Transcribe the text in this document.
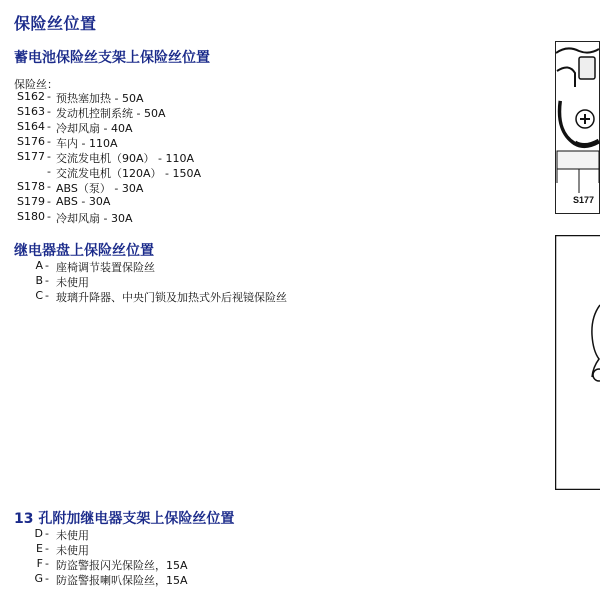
保险丝位置
蓄电池保险丝支架上保险丝位置
保险丝：
S162 - 预热塞加热 - 50A
S163 - 发动机控制系统 - 50A
S164 - 冷却风扇 - 40A
S176 - 车内 - 110A
S177 - 交流发电机（90A） - 110A
- 交流发电机（120A） - 150A
S178 - ABS（泵） - 30A
S179 - ABS - 30A
S180 - 冷却风扇 - 30A
继电器盘上保险丝位置
A - 座椅调节装置保险丝
B - 未使用
C - 玻璃升降器、中央门锁及加热式外后视镜保险丝
13 孔附加继电器支架上保险丝位置
D - 未使用
E - 未使用
F - 防盗警报闪光保险丝，15A
G - 防盗警报喇叭保险丝，15A
S177
